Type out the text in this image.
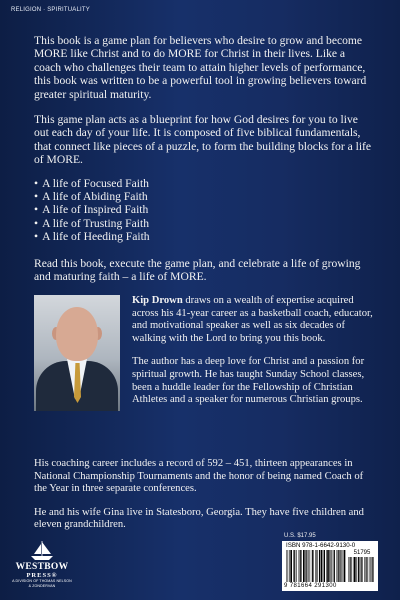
RELIGION · SPIRITUALITY

This book is a game plan for believers who desire to grow and become MORE like Christ and to do MORE for Christ in their lives. Like a coach who challenges their team to attain higher levels of performance, this book was written to be a powerful tool in growing believers toward greater spiritual maturity.

This game plan acts as a blueprint for how God desires for you to live out each day of your life. It is composed of five biblical fundamentals, that connect like pieces of a puzzle, to form the building blocks for a life of MORE.

• A life of Focused Faith
• A life of Abiding Faith
• A life of Inspired Faith
• A life of Trusting Faith
• A life of Heeding Faith

Read this book, execute the game plan, and celebrate a life of growing and maturing faith – a life of MORE.

Kip Drown draws on a wealth of expertise acquired across his 41-year career as a basketball coach, educator, and motivational speaker as well as six decades of walking with the Lord to bring you this book.

The author has a deep love for Christ and a passion for spiritual growth. He has taught Sunday School classes, been a huddle leader for the Fellowship of Christian Athletes and a speaker for numerous Christian groups.

His coaching career includes a record of 592 – 451, thirteen appearances in National Championship Tournaments and the honor of being named Coach of the Year in three separate conferences.

He and his wife Gina live in Statesboro, Georgia. They have five children and eleven grandchildren.

U.S. $17.95
ISBN 978-1-6642-9130-0
51795
9 781664 291300
WESTBOW
PRESS®
A DIVISION OF THOMAS NELSON
& ZONDERVAN
